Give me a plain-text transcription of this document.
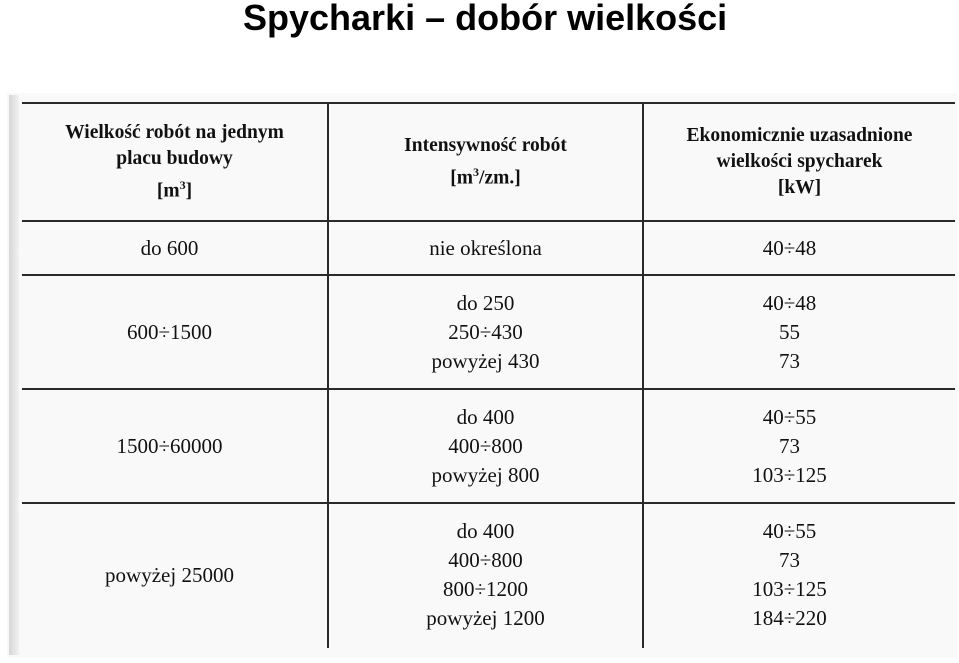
Spycharki – dobór wielkości
Wielkość robót na jednym
placu budowy
$[m^3]$
Intensywność robót
$[m^3/zm.]$
Ekonomicznie uzasadnione
wielkości spycharek
[kW]
do 600	nie określona	40÷48
600÷1500
do 250
250÷430
powyżej 430
40÷48
55
73
1500÷60000
do 400
400÷800
powyżej 800
40÷55
73
103÷125
powyżej 25000
do 400
400÷800
800÷1200
powyżej 1200
40÷55
73
103÷125
184÷220
